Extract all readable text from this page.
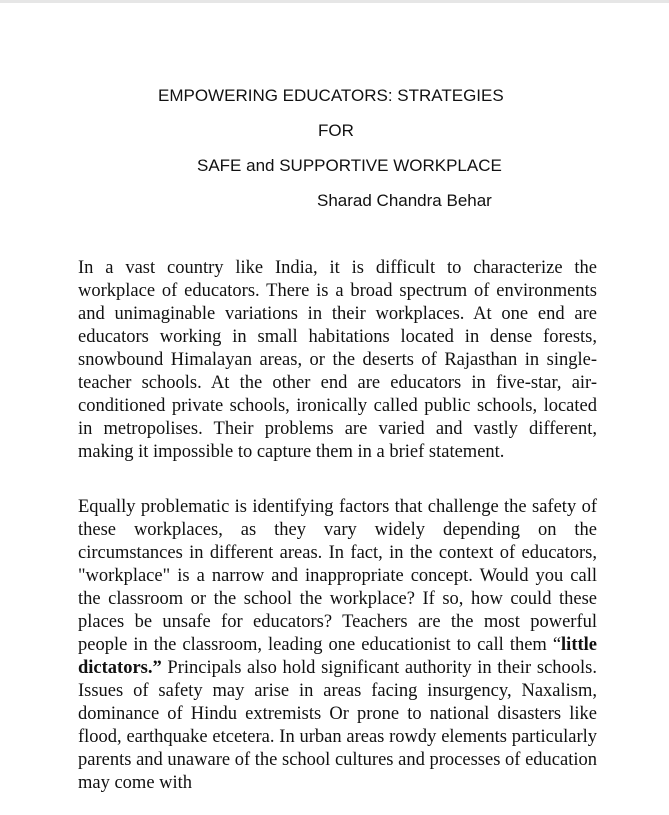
EMPOWERING EDUCATORS: STRATEGIES
FOR
SAFE and SUPPORTIVE WORKPLACE
Sharad Chandra Behar

In a vast country like India, it is difficult to characterize the workplace of educators. There is a broad spectrum of environments and unimaginable variations in their workplaces. At one end are educators working in small habitations located in dense forests, snowbound Himalayan areas, or the deserts of Rajasthan in single-teacher schools. At the other end are educators in five-star, air-conditioned private schools, ironically called public schools, located in metropolises. Their problems are varied and vastly different, making it impossible to capture them in a brief statement.

Equally problematic is identifying factors that challenge the safety of these workplaces, as they vary widely depending on the circumstances in different areas. In fact, in the context of educators, "workplace" is a narrow and inappropriate concept. Would you call the classroom or the school the workplace? If so, how could these places be unsafe for educators? Teachers are the most powerful people in the classroom, leading one educationist to call them “little dictators.” Principals also hold significant authority in their schools. Issues of safety may arise in areas facing insurgency, Naxalism, dominance of Hindu extremists Or prone to national disasters like flood, earthquake etcetera. In urban areas rowdy elements particularly parents and unaware of the school cultures and processes of education may come with
